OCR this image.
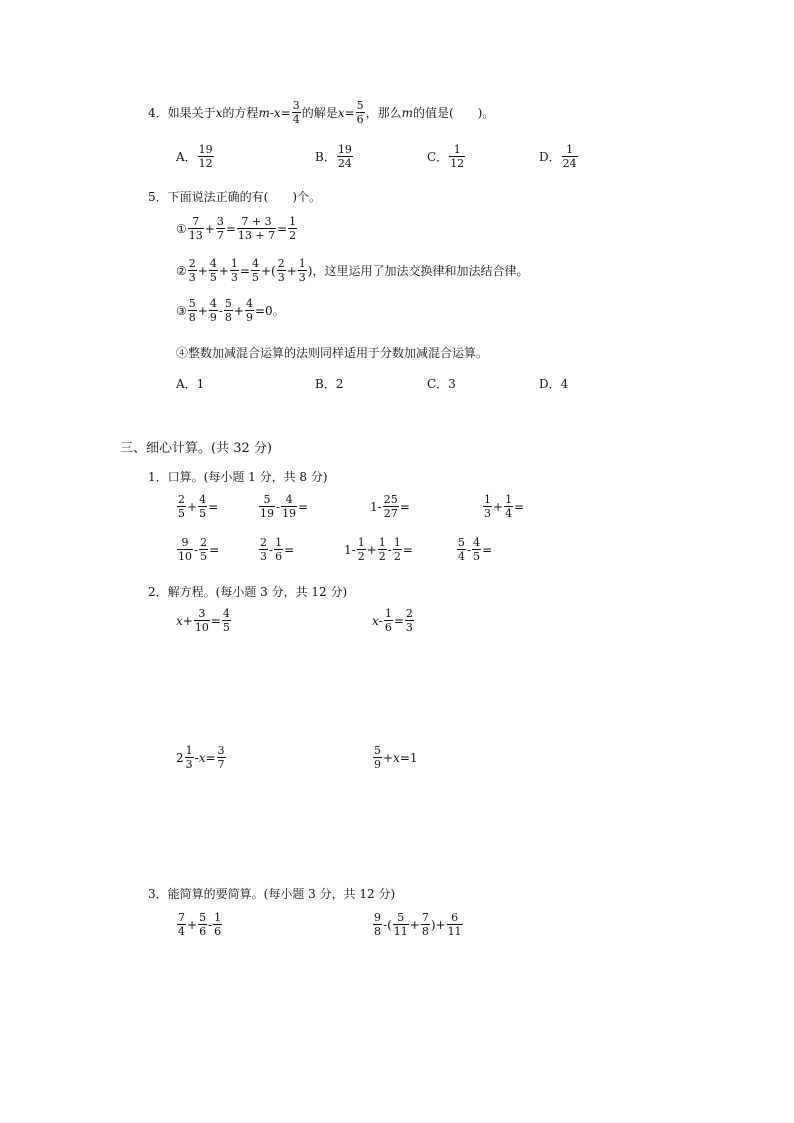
4．如果关于 x 的方程 $m - x = \frac{3}{4}$ 的解是 $x = \frac{5}{6}$ ，那么 m 的值是(　　)。
A． $\frac{19}{12}$	B． $\frac{19}{24}$	C． $\frac{1}{12}$	D． $\frac{1}{24}$
5．下面说法正确的有(　　)个。
① $\frac{7}{13} + \frac{3}{7} = \frac{7 + 3}{13 + 7} = \frac{1}{2}$
② $\frac{2}{3} + \frac{4}{5} + \frac{1}{3} = \frac{4}{5}$ + ( $\frac{2}{3} + \frac{1}{3}$ ) ，这里运用了加法交换律和加法结合律。
③ $\frac{5}{8} + \frac{4}{9} - \frac{5}{8} + \frac{4}{9} =0$。
④整数加减混合运算的法则同样适用于分数加减混合运算。
A．1	B．2	C．3	D．4
三、细心计算。(共 32 分)
1．口算。(每小题 1 分，共 8 分)
$\frac{2}{5} + \frac{4}{5}$ =	$\frac{5}{19} - \frac{4}{19}$ =	$1- \frac{25}{27}$ =	$\frac{1}{3} + \frac{1}{4}$ =
$\frac{9}{10} - \frac{2}{5}$ =	$\frac{2}{3} - \frac{1}{6}$ =	$1- \frac{1}{2} + \frac{1}{2} - \frac{1}{2}$ =	$\frac{5}{4} - \frac{4}{5}$ =
2．解方程。(每小题 3 分，共 12 分)
$x + \frac{3}{10} = \frac{4}{5}$	$x - \frac{1}{6} = \frac{2}{3}$
$2 \frac{1}{3} - x = \frac{3}{7}$	$\frac{5}{9} + x =1$
3．能简算的要简算。(每小题 3 分，共 12 分)
$\frac{7}{4} + \frac{5}{6} - \frac{1}{6}$	$\frac{9}{8}$ - ( $\frac{5}{11} + \frac{7}{8}$ ) + $\frac{6}{11}$
